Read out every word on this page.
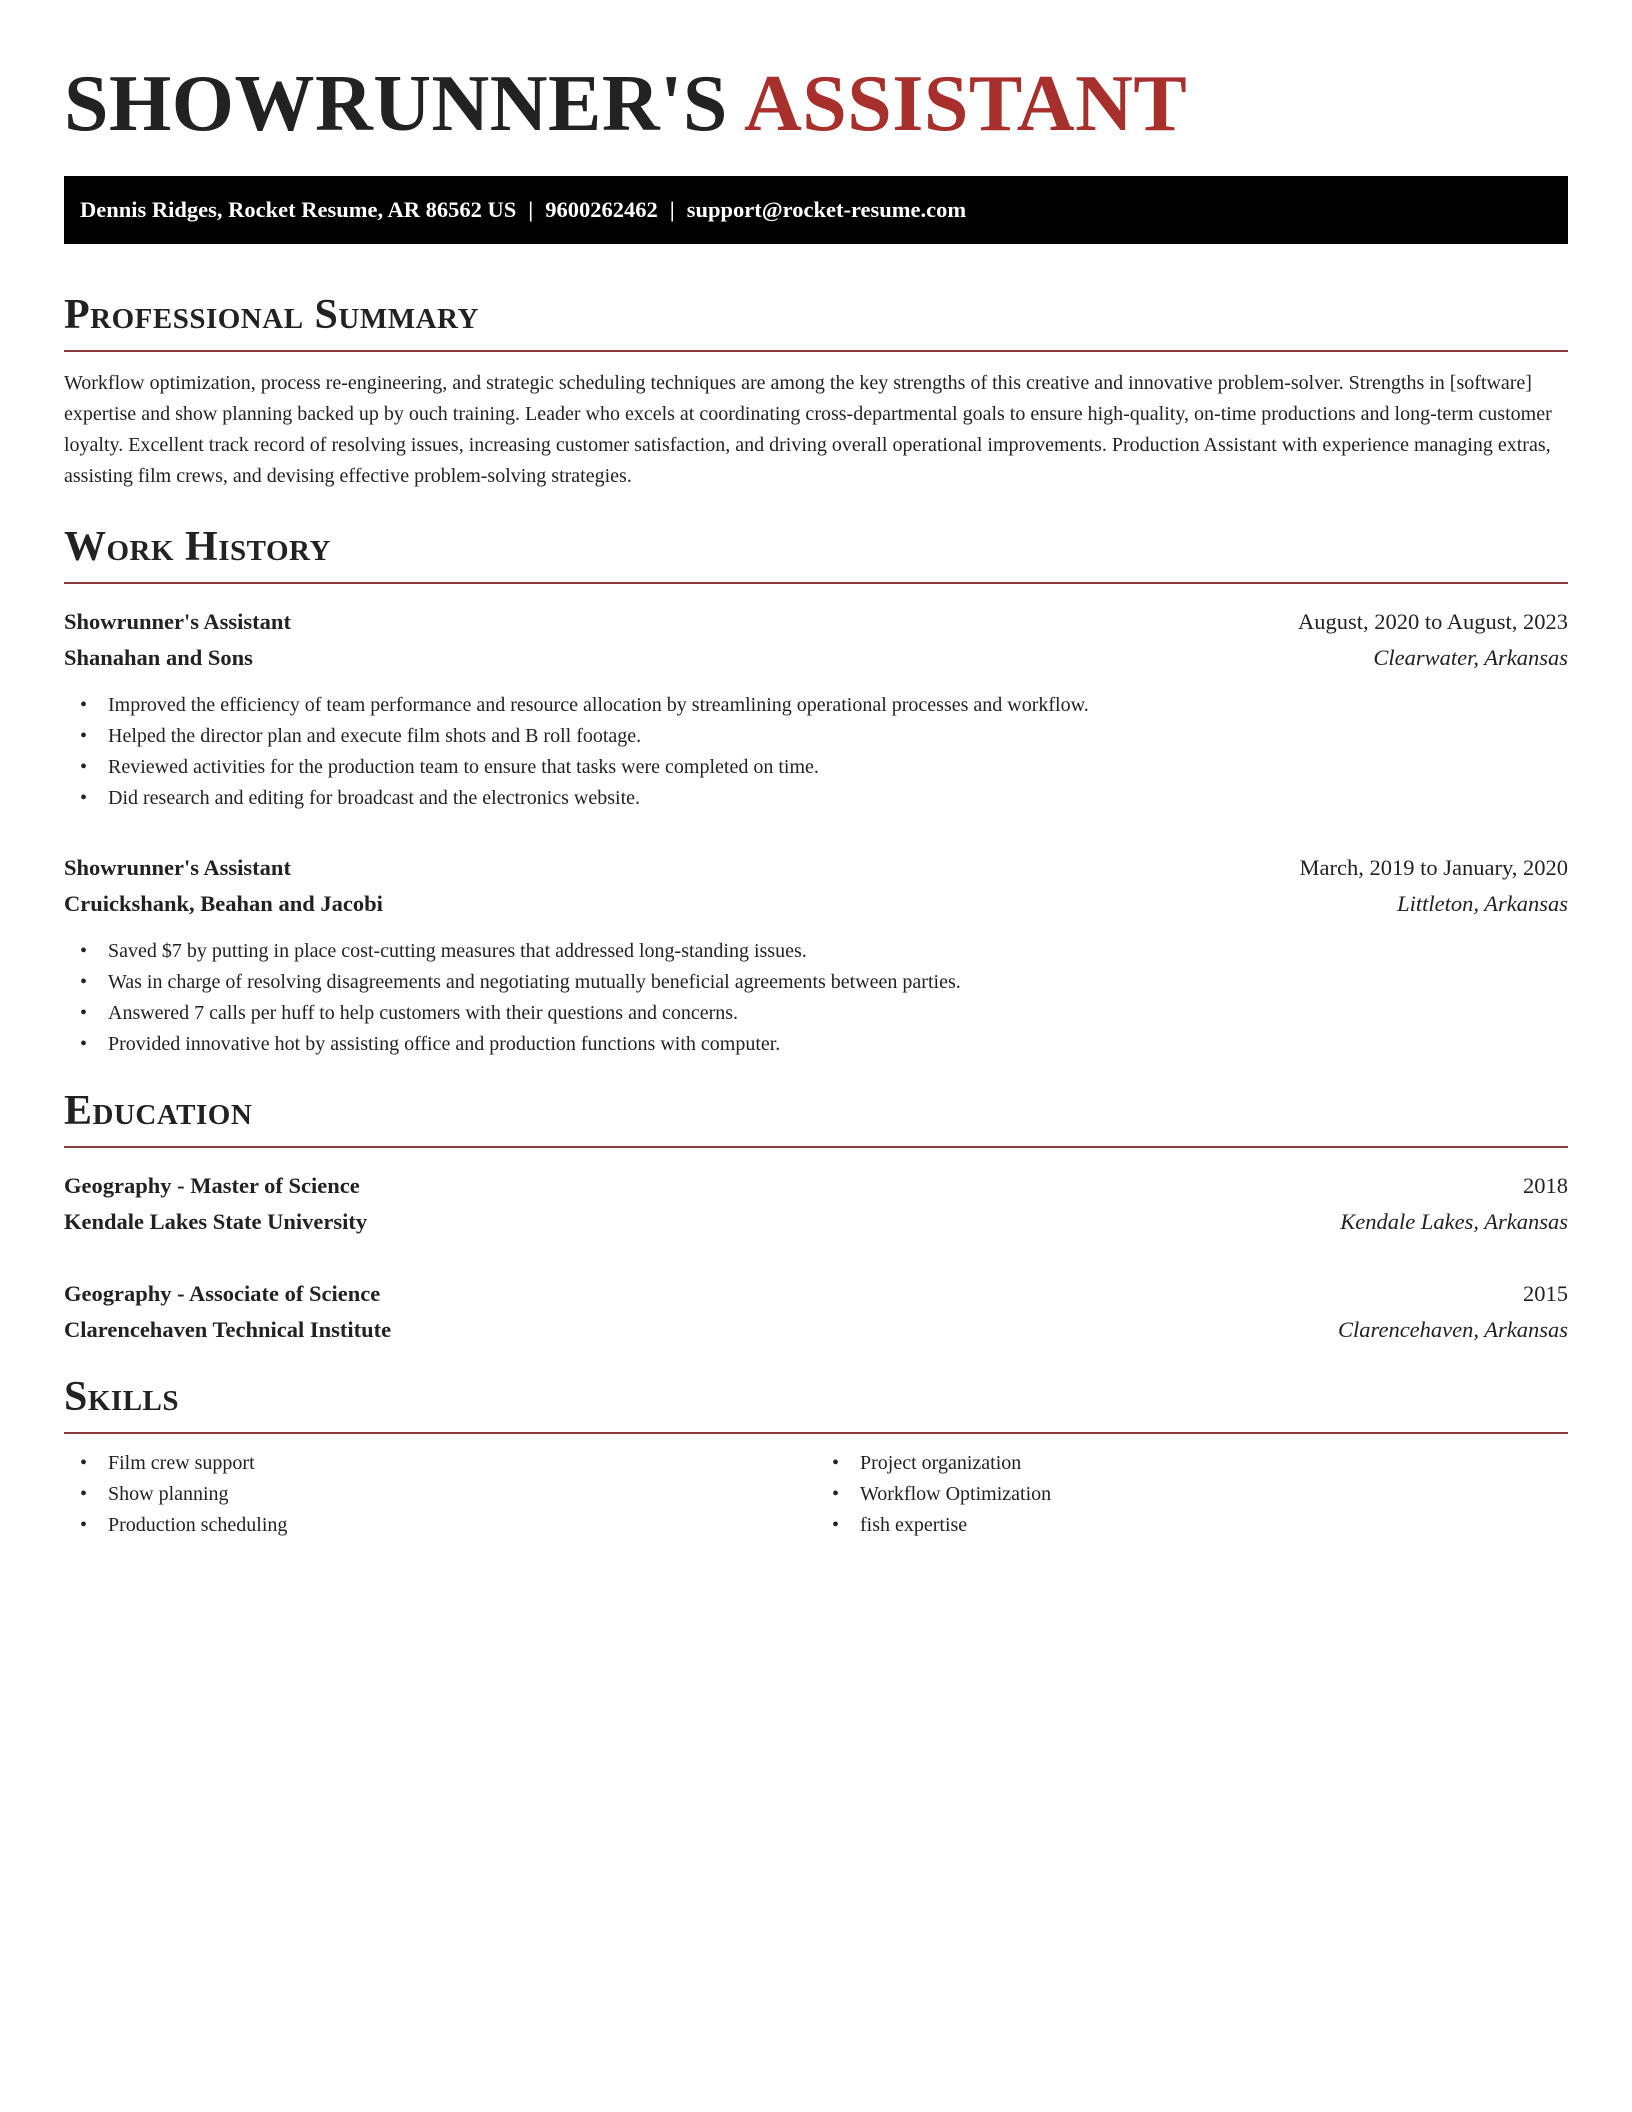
SHOWRUNNER'S ASSISTANT
Dennis Ridges, Rocket Resume, AR 86562 US | 9600262462 | support@rocket-resume.com
Professional Summary

Workflow optimization, process re-engineering, and strategic scheduling techniques are among the key strengths of this creative and innovative problem-solver. Strengths in [software] expertise and show planning backed up by ouch training. Leader who excels at coordinating cross-departmental goals to ensure high-quality, on-time productions and long-term customer loyalty. Excellent track record of resolving issues, increasing customer satisfaction, and driving overall operational improvements. Production Assistant with experience managing extras, assisting film crews, and devising effective problem-solving strategies.

Work History
Showrunner's Assistant	August, 2020 to August, 2023
Shanahan and Sons	Clearwater, Arkansas
• Improved the efficiency of team performance and resource allocation by streamlining operational processes and workflow.
• Helped the director plan and execute film shots and B roll footage.
• Reviewed activities for the production team to ensure that tasks were completed on time.
• Did research and editing for broadcast and the electronics website.
Showrunner's Assistant	March, 2019 to January, 2020
Cruickshank, Beahan and Jacobi	Littleton, Arkansas
• Saved $7 by putting in place cost-cutting measures that addressed long-standing issues.
• Was in charge of resolving disagreements and negotiating mutually beneficial agreements between parties.
• Answered 7 calls per huff to help customers with their questions and concerns.
• Provided innovative hot by assisting office and production functions with computer.
Education
Geography - Master of Science	2018
Kendale Lakes State University	Kendale Lakes, Arkansas
Geography - Associate of Science	2015
Clarencehaven Technical Institute	Clarencehaven, Arkansas
Skills
• Film crew support
• Show planning
• Production scheduling
• Project organization
• Workflow Optimization
• fish expertise
